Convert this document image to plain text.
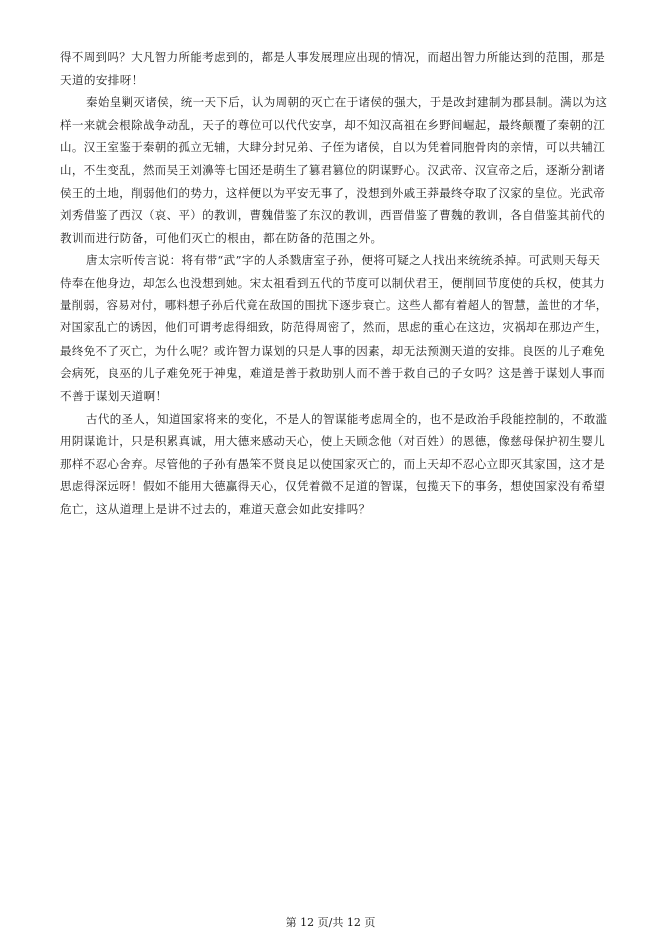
得不周到吗？大凡智力所能考虑到的，都是人事发展理应出现的情况，而超出智力所能达到的范围，那是
天道的安排呀！
秦始皇剿灭诸侯，统一天下后，认为周朝的灭亡在于诸侯的强大，于是改封建制为郡县制。满以为这
样一来就会根除战争动乱，天子的尊位可以代代安享，却不知汉高祖在乡野间崛起，最终颠覆了秦朝的江
山。汉王室鉴于秦朝的孤立无辅，大肆分封兄弟、子侄为诸侯，自以为凭着同胞骨肉的亲情，可以共辅江
山，不生变乱，然而吴王刘濞等七国还是萌生了篡君篡位的阴谋野心。汉武帝、汉宣帝之后，逐渐分割诸
侯王的土地，削弱他们的势力，这样便以为平安无事了，没想到外戚王莽最终夺取了汉家的皇位。光武帝
刘秀借鉴了西汉（哀、平）的教训，曹魏借鉴了东汉的教训，西晋借鉴了曹魏的教训，各自借鉴其前代的
教训而进行防备，可他们灭亡的根由，都在防备的范围之外。
唐太宗听传言说：将有带“武”字的人杀戮唐室子孙，便将可疑之人找出来统统杀掉。可武则天每天
侍奉在他身边，却怎么也没想到她。宋太祖看到五代的节度可以制伏君王，便削回节度使的兵权，使其力
量削弱，容易对付，哪料想子孙后代竟在敌国的围扰下逐步衰亡。这些人都有着超人的智慧，盖世的才华，
对国家乱亡的诱因，他们可谓考虑得细致，防范得周密了，然而，思虑的重心在这边，灾祸却在那边产生，
最终免不了灭亡，为什么呢？或许智力谋划的只是人事的因素，却无法预测天道的安排。良医的儿子难免
会病死，良巫的儿子难免死于神鬼，难道是善于救助别人而不善于救自己的子女吗？这是善于谋划人事而
不善于谋划天道啊！
古代的圣人，知道国家将来的变化，不是人的智谋能考虑周全的，也不是政治手段能控制的，不敢滥
用阴谋诡计，只是积累真诚，用大德来感动天心，使上天顾念他（对百姓）的恩德，像慈母保护初生婴儿
那样不忍心舍弃。尽管他的子孙有愚笨不贤良足以使国家灭亡的，而上天却不忍心立即灭其家国，这才是
思虑得深远呀！假如不能用大德赢得天心，仅凭着微不足道的智谋，包揽天下的事务，想使国家没有希望
危亡，这从道理上是讲不过去的，难道天意会如此安排吗？
第 12 页/共 12 页
